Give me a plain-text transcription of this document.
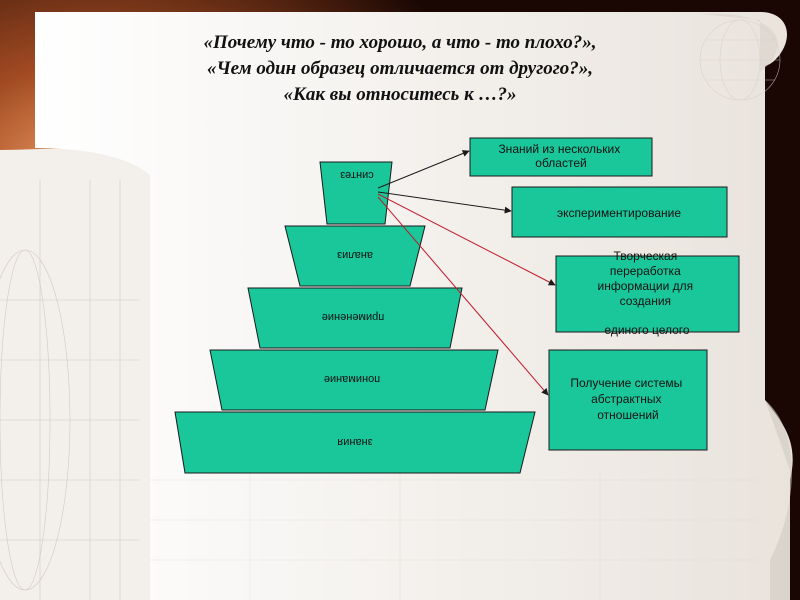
«Почему что - то хорошо, а что - то плохо?»,
«Чем один образец отличается от другого?»,
«Как вы относитесь к …?»
синтез
анализ
применение
понимание
знания
Знаний из нескольких областей
экспериментирование
Творческая переработка информации для создания единого целого
Получение системы абстрактных отношений
